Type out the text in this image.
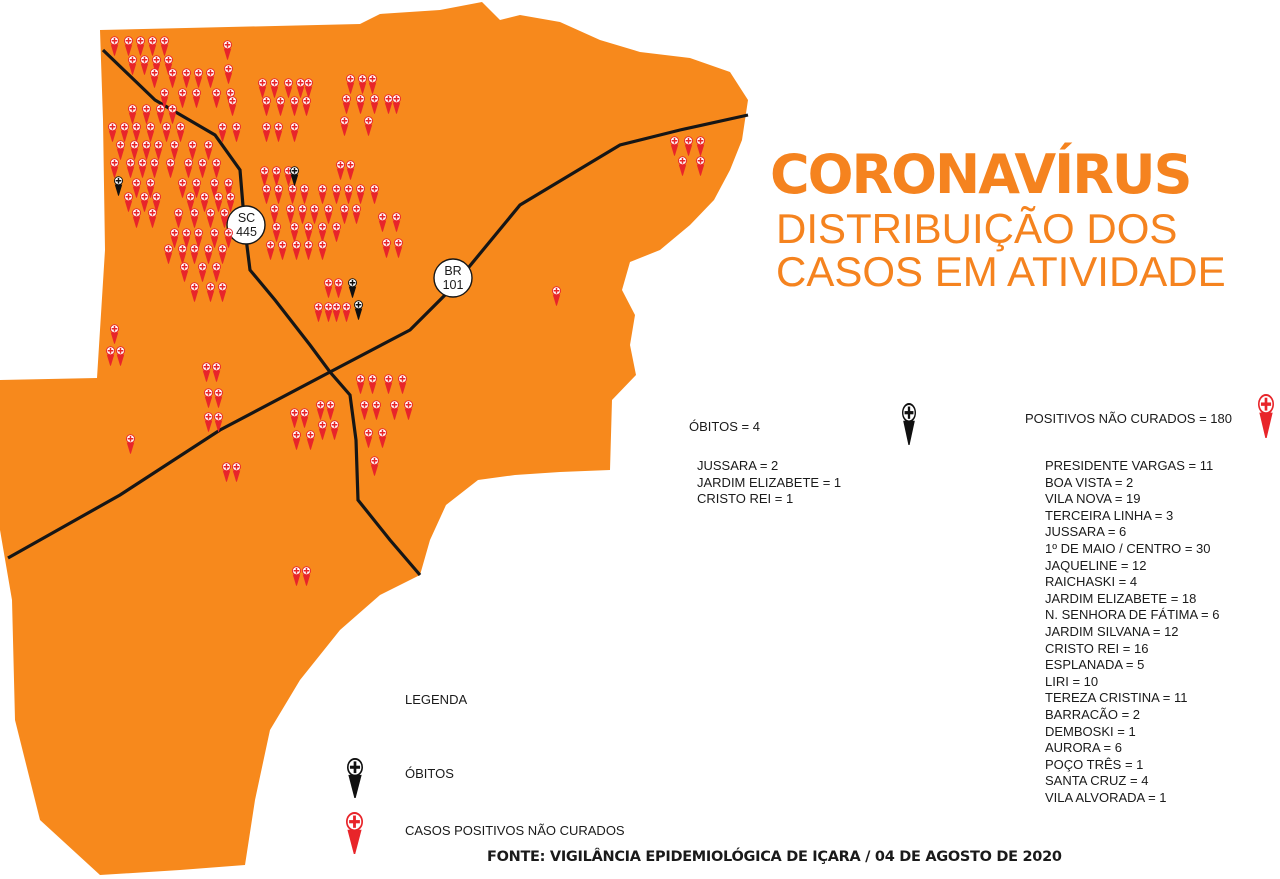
SC
445
BR
101
CORONAVÍRUS
DISTRIBUIÇÃO DOS
CASOS EM ATIVIDADE
ÓBITOS = 4
JUSSARA = 2
JARDIM ELIZABETE = 1
CRISTO REI = 1
POSITIVOS NÃO CURADOS = 180
PRESIDENTE VARGAS = 11
BOA VISTA = 2
VILA NOVA = 19
TERCEIRA LINHA = 3
JUSSARA = 6
1º DE MAIO / CENTRO = 30
JAQUELINE = 12
RAICHASKI = 4
JARDIM ELIZABETE = 18
N. SENHORA DE FÁTIMA = 6
JARDIM SILVANA = 12
CRISTO REI = 16
ESPLANADA = 5
LIRI = 10
TEREZA CRISTINA = 11
BARRACÃO = 2
DEMBOSKI = 1
AURORA = 6
POÇO TRÊS = 1
SANTA CRUZ = 4
VILA ALVORADA = 1
LEGENDA
ÓBITOS
CASOS POSITIVOS NÃO CURADOS
FONTE: VIGILÂNCIA EPIDEMIOLÓGICA DE IÇARA / 04 DE AGOSTO DE 2020
